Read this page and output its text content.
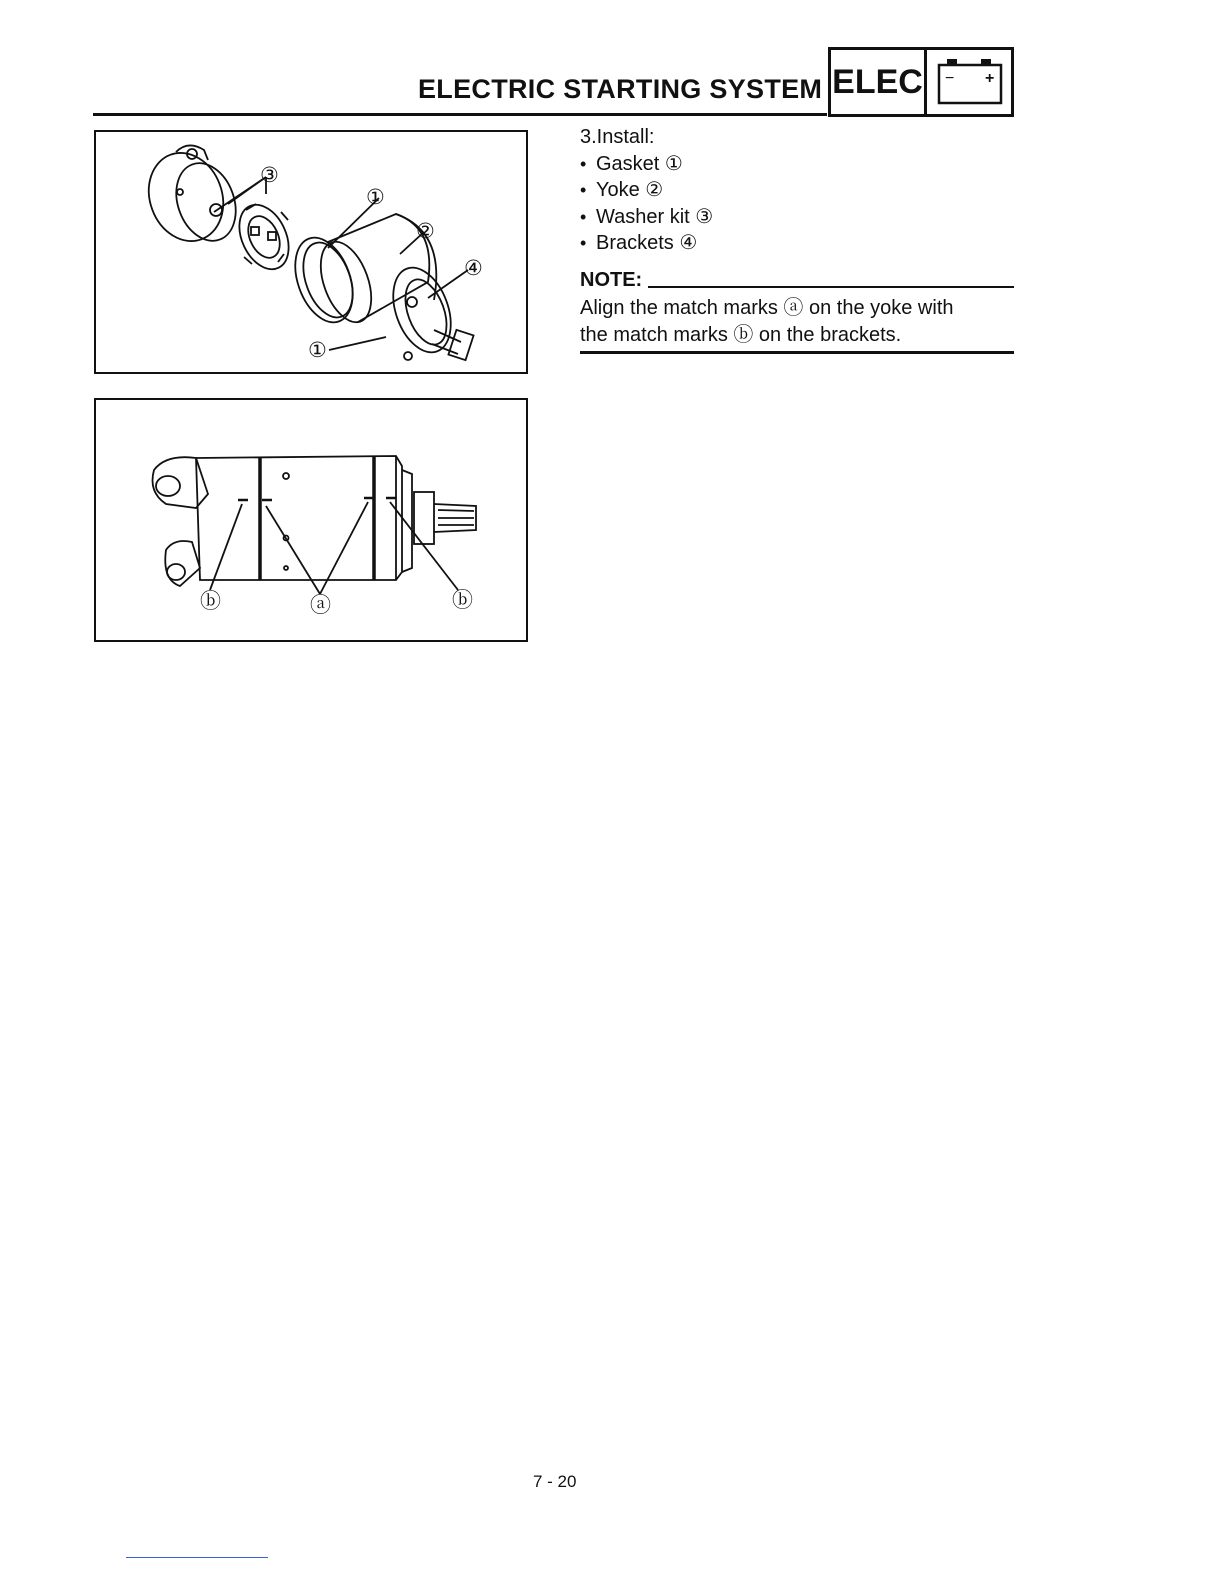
ELECTRIC STARTING SYSTEM ELEC − +
③
①
②
④
①
ⓑ	ⓐ	ⓑ

3.Install:

• Gasket ①

• Yoke ②

• Washer kit ③

• Brackets ④

NOTE:

Align the match marks ⓐ on the yoke with

the match marks ⓑ on the brackets.

7 - 20
